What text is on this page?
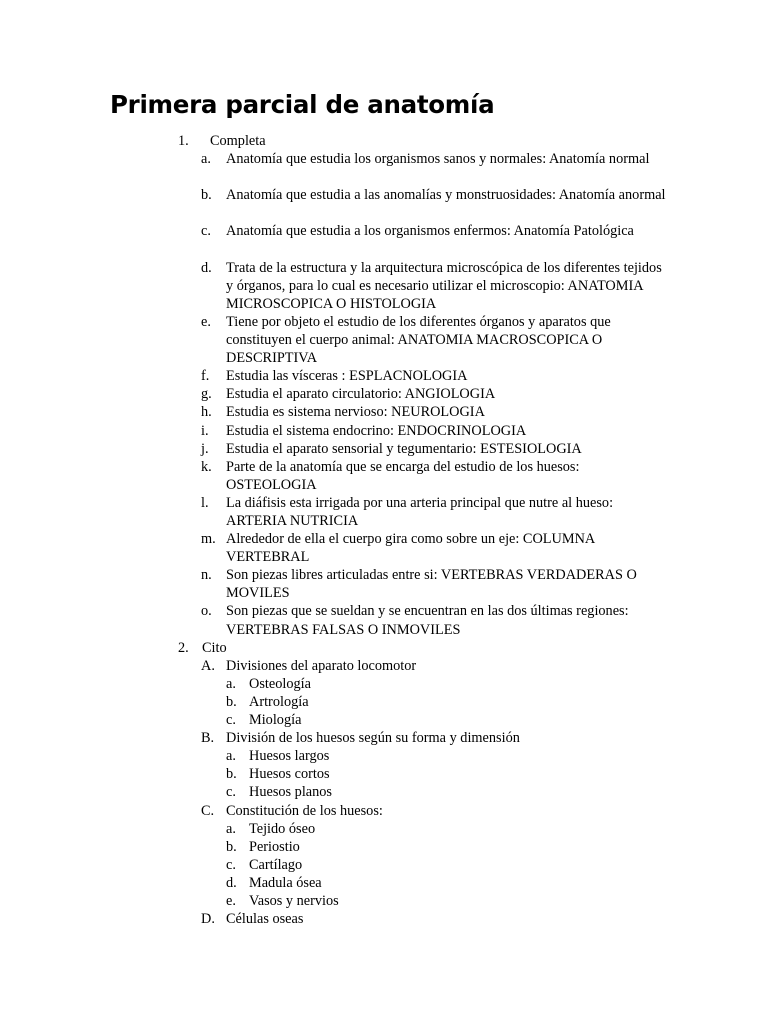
Primera parcial de anatomía
1. Completa
a. Anatomía que estudia los organismos sanos y normales: Anatomía normal
b. Anatomía que estudia a las anomalías y monstruosidades: Anatomía anormal
c. Anatomía que estudia a los organismos enfermos: Anatomía Patológica
d. Trata de la estructura y la arquitectura microscópica de los diferentes tejidos y órganos, para lo cual es necesario utilizar el microscopio: ANATOMIA MICROSCOPICA O HISTOLOGIA
e. Tiene por objeto el estudio de los diferentes órganos y aparatos que constituyen el cuerpo animal: ANATOMIA MACROSCOPICA O DESCRIPTIVA
f. Estudia las vísceras : ESPLACNOLOGIA
g. Estudia el aparato circulatorio: ANGIOLOGIA
h. Estudia es sistema nervioso: NEUROLOGIA
i. Estudia el sistema endocrino: ENDOCRINOLOGIA
j. Estudia el aparato sensorial y tegumentario: ESTESIOLOGIA
k. Parte de la anatomía que se encarga del estudio de los huesos: OSTEOLOGIA
l. La diáfisis esta irrigada por una arteria principal que nutre al hueso: ARTERIA NUTRICIA
m. Alrededor de ella el cuerpo gira como sobre un eje: COLUMNA VERTEBRAL
n. Son piezas libres articuladas entre si: VERTEBRAS VERDADERAS O MOVILES
o. Son piezas que se sueldan y se encuentran en las dos últimas regiones: VERTEBRAS FALSAS O INMOVILES
2. Cito
A. Divisiones del aparato locomotor
a. Osteología
b. Artrología
c. Miología
B. División de los huesos según su forma y dimensión
a. Huesos largos
b. Huesos cortos
c. Huesos planos
C. Constitución de los huesos:
a. Tejido óseo
b. Periostio
c. Cartílago
d. Madula ósea
e. Vasos y nervios
D. Células oseas
